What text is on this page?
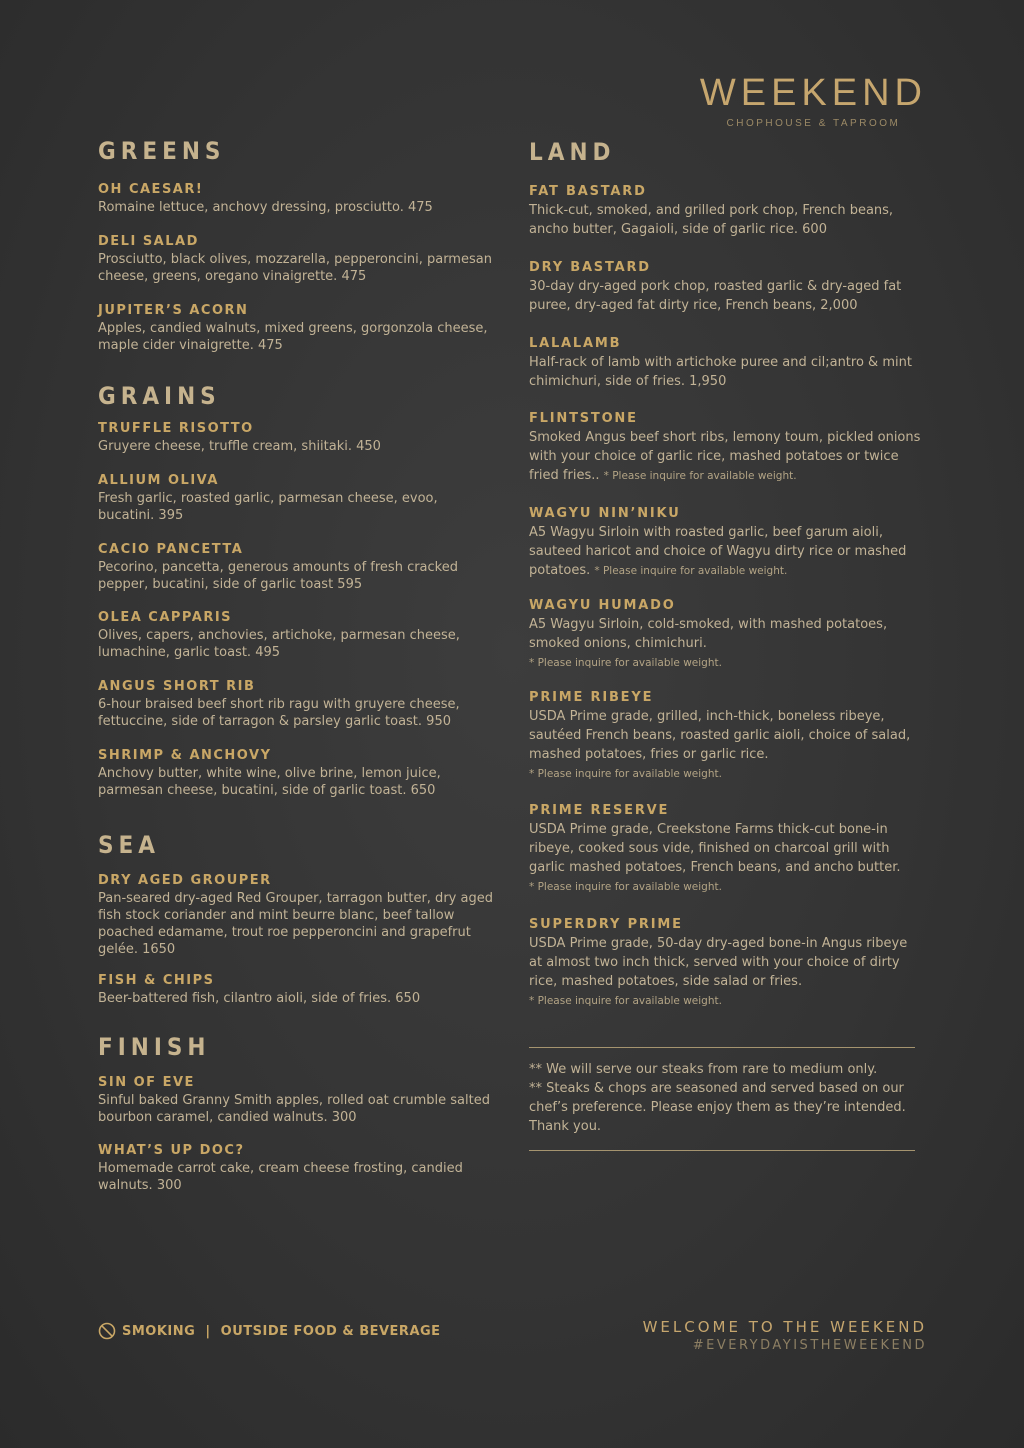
WEEKEND
CHOPHOUSE & TAPROOM
GREENS
OH CAESAR!
Romaine lettuce, anchovy dressing, prosciutto. 475
DELI SALAD
Prosciutto, black olives, mozzarella, pepperoncini, parmesan cheese, greens, oregano vinaigrette. 475
JUPITER’S ACORN
Apples, candied walnuts, mixed greens, gorgonzola cheese, maple cider vinaigrette. 475
GRAINS
TRUFFLE RISOTTO
Gruyere cheese, truffle cream, shiitaki. 450
ALLIUM OLIVA
Fresh garlic, roasted garlic, parmesan cheese, evoo, bucatini. 395
CACIO PANCETTA
Pecorino, pancetta, generous amounts of fresh cracked pepper, bucatini, side of garlic toast 595
OLEA CAPPARIS
Olives, capers, anchovies, artichoke, parmesan cheese, lumachine, garlic toast. 495
ANGUS SHORT RIB
6-hour braised beef short rib ragu with gruyere cheese, fettuccine, side of tarragon & parsley garlic toast. 950
SHRIMP & ANCHOVY
Anchovy butter, white wine, olive brine, lemon juice, parmesan cheese, bucatini, side of garlic toast. 650
SEA
DRY AGED GROUPER
Pan-seared dry-aged Red Grouper, tarragon butter, dry aged fish stock coriander and mint beurre blanc, beef tallow poached edamame, trout roe pepperoncini and grapefrut gelée. 1650
FISH & CHIPS
Beer-battered fish, cilantro aioli, side of fries. 650
FINISH
SIN OF EVE
Sinful baked Granny Smith apples, rolled oat crumble salted bourbon caramel, candied walnuts. 300
WHAT’S UP DOC?
Homemade carrot cake, cream cheese frosting, candied walnuts. 300
LAND
FAT BASTARD
Thick-cut, smoked, and grilled pork chop, French beans, ancho butter, Gagaioli, side of garlic rice. 600
DRY BASTARD
30-day dry-aged pork chop, roasted garlic & dry-aged fat puree, dry-aged fat dirty rice, French beans, 2,000
LALALAMB
Half-rack of lamb with artichoke puree and cil;antro & mint chimichuri, side of fries. 1,950
FLINTSTONE
Smoked Angus beef short ribs, lemony toum, pickled onions with your choice of garlic rice, mashed potatoes or twice fried fries.. * Please inquire for available weight.
WAGYU NIN’NIKU
A5 Wagyu Sirloin with roasted garlic, beef garum aioli, sauteed haricot and choice of Wagyu dirty rice or mashed potatoes. * Please inquire for available weight.
WAGYU HUMADO
A5 Wagyu Sirloin, cold-smoked, with mashed potatoes, smoked onions, chimichuri.
* Please inquire for available weight.
PRIME RIBEYE
USDA Prime grade, grilled, inch-thick, boneless ribeye, sautéed French beans, roasted garlic aioli, choice of salad, mashed potatoes, fries or garlic rice.
* Please inquire for available weight.
PRIME RESERVE
USDA Prime grade, Creekstone Farms thick-cut bone-in ribeye, cooked sous vide, finished on charcoal grill with garlic mashed potatoes, French beans, and ancho butter.
* Please inquire for available weight.
SUPERDRY PRIME
USDA Prime grade, 50-day dry-aged bone-in Angus ribeye at almost two inch thick, served with your choice of dirty rice, mashed potatoes, side salad or fries.
* Please inquire for available weight.
** We will serve our steaks from rare to medium only.
** Steaks & chops are seasoned and served based on our chef’s preference. Please enjoy them as they’re intended. Thank you.
SMOKING  |  OUTSIDE FOOD & BEVERAGE	WELCOME TO THE WEEKEND
#EVERYDAYISTHEWEEKEND
